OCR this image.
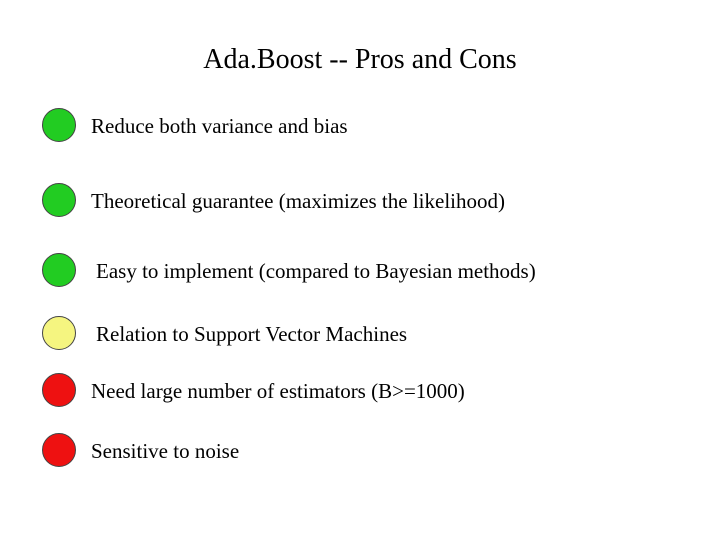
Ada.Boost -- Pros and Cons
Reduce both variance and bias
Theoretical guarantee (maximizes the likelihood)
Easy to implement (compared to Bayesian methods)
Relation to Support Vector Machines
Need large number of estimators (B>=1000)
Sensitive to noise
